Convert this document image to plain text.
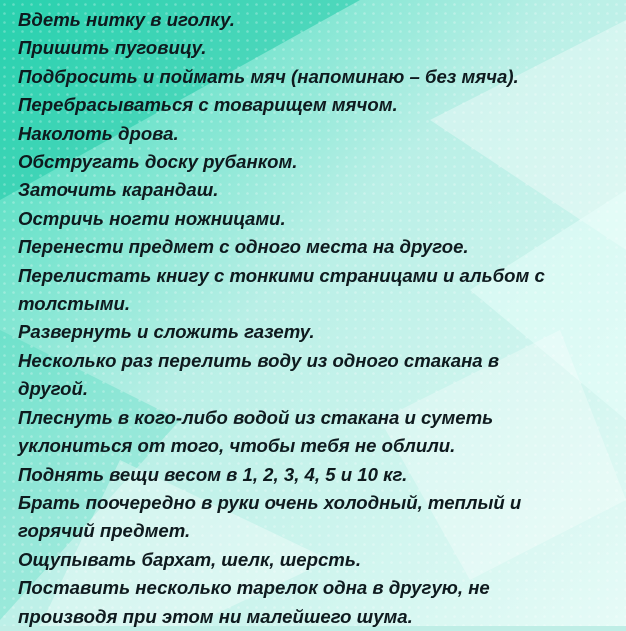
Вдеть нитку в иголку.
Пришить пуговицу.
Подбросить и поймать мяч (напоминаю – без мяча).
Перебрасываться с товарищем мячом.
Наколоть дрова.
Обстругать доску рубанком.
Заточить карандаш.
Остричь ногти ножницами.
Перенести предмет с одного места на другое.
Перелистать книгу с тонкими страницами и альбом с
толстыми.
Развернуть и сложить газету.
Несколько раз перелить воду из одного стакана в
другой.
Плеснуть в кого-либо водой из стакана и суметь
уклониться от того, чтобы тебя не облили.
Поднять вещи весом в 1, 2, 3, 4, 5 и 10 кг.
Брать поочередно в руки очень холодный, теплый и
горячий предмет.
Ощупывать бархат, шелк, шерсть.
Поставить несколько тарелок одна в другую, не
производя при этом ни малейшего шума.
